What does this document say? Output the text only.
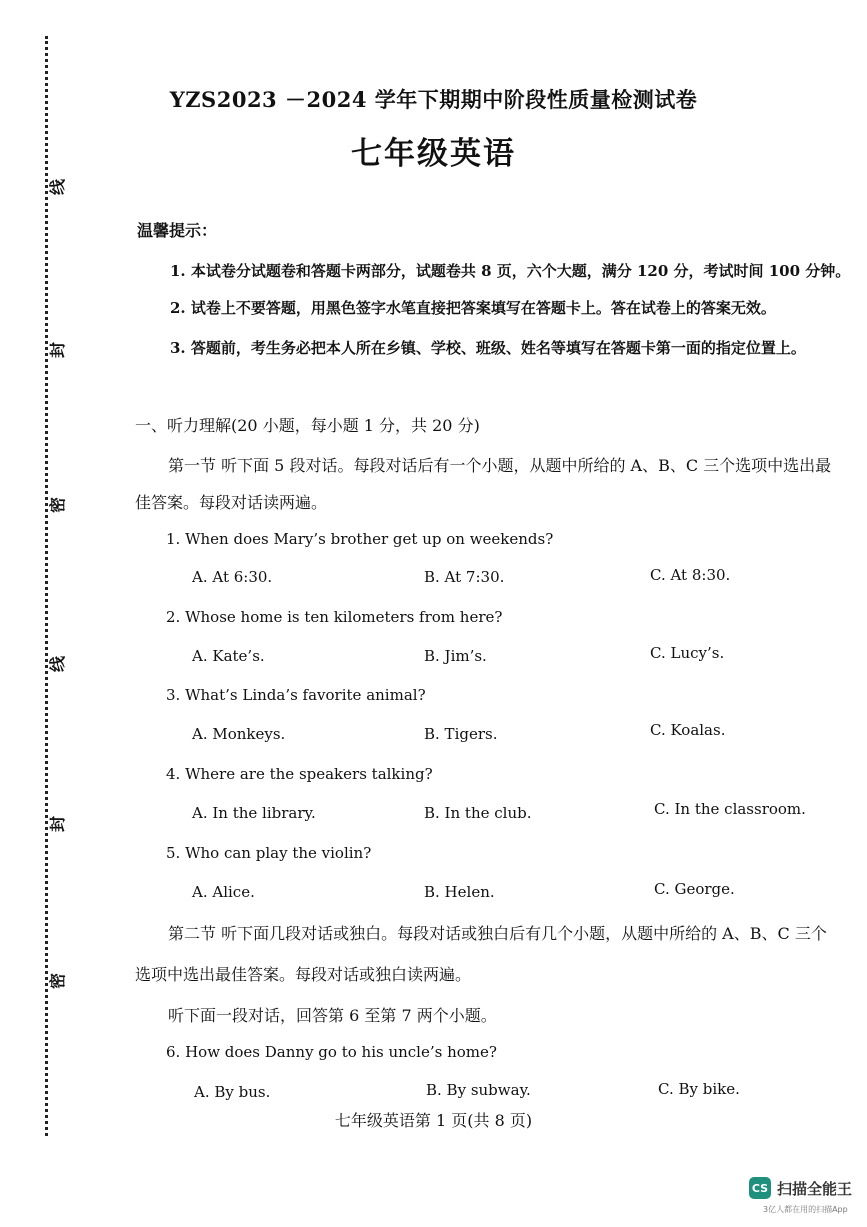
线
封
密
线
封
密
YZS2023 －2024 学年下期期中阶段性质量检测试卷
七年级英语
温馨提示：
1. 本试卷分试题卷和答题卡两部分，试题卷共 8 页，六个大题，满分 120 分，考试时间 100 分钟。
2. 试卷上不要答题，用黑色签字水笔直接把答案填写在答题卡上。答在试卷上的答案无效。
3. 答题前，考生务必把本人所在乡镇、学校、班级、姓名等填写在答题卡第一面的指定位置上。
一、听力理解(20 小题，每小题 1 分，共 20 分)
第一节 听下面 5 段对话。每段对话后有一个小题，从题中所给的 A、B、C 三个选项中选出最
佳答案。每段对话读两遍。
1. When does Mary’s brother get up on weekends?
A. At 6:30.	B. At 7:30.	C. At 8:30.
2. Whose home is ten kilometers from here?
A. Kate’s.	B. Jim’s.	C. Lucy’s.
3. What’s Linda’s favorite animal?
A. Monkeys.	B. Tigers.	C. Koalas.
4. Where are the speakers talking?
A. In the library.	B. In the club.	C. In the classroom.
5. Who can play the violin?
A. Alice.	B. Helen.	C. George.
第二节 听下面几段对话或独白。每段对话或独白后有几个小题，从题中所给的 A、B、C 三个
选项中选出最佳答案。每段对话或独白读两遍。
听下面一段对话，回答第 6 至第 7 两个小题。
6. How does Danny go to his uncle’s home?
A. By bus.	B. By subway.	C. By bike.
七年级英语第 1 页(共 8 页)
CS 扫描全能王
3亿人都在用的扫描App
